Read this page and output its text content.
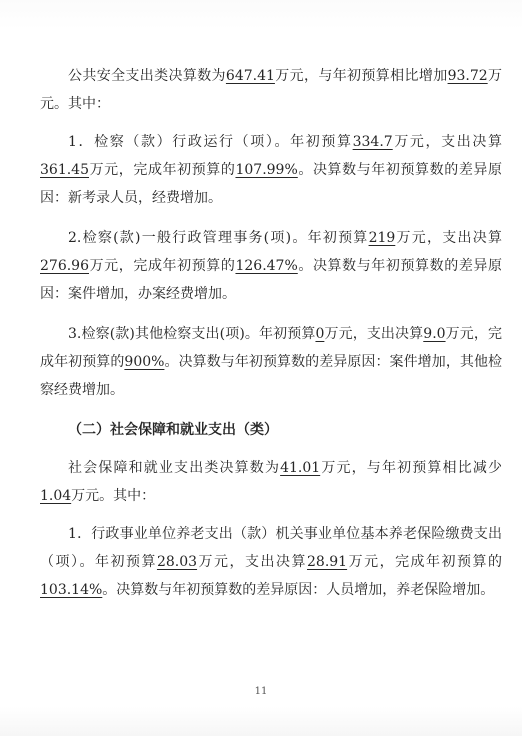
公共安全支出类决算数为647.41万元，与年初预算相比增加93.72万元。其中：

1．检察（款）行政运行（项）。年初预算334.7万元，支出决算361.45万元，完成年初预算的107.99%。决算数与年初预算数的差异原因：新考录人员，经费增加。

2.检察(款)一般行政管理事务(项)。年初预算219万元，支出决算276.96万元，完成年初预算的126.47%。决算数与年初预算数的差异原因：案件增加，办案经费增加。

3.检察(款)其他检察支出(项)。年初预算0万元，支出决算9.0万元，完成年初预算的900%。决算数与年初预算数的差异原因：案件增加，其他检察经费增加。

（二）社会保障和就业支出（类）

社会保障和就业支出类决算数为41.01万元，与年初预算相比减少1.04万元。其中：

1．行政事业单位养老支出（款）机关事业单位基本养老保险缴费支出（项）。年初预算28.03万元，支出决算28.91万元，完成年初预算的103.14%。决算数与年初预算数的差异原因：人员增加，养老保险增加。

11
